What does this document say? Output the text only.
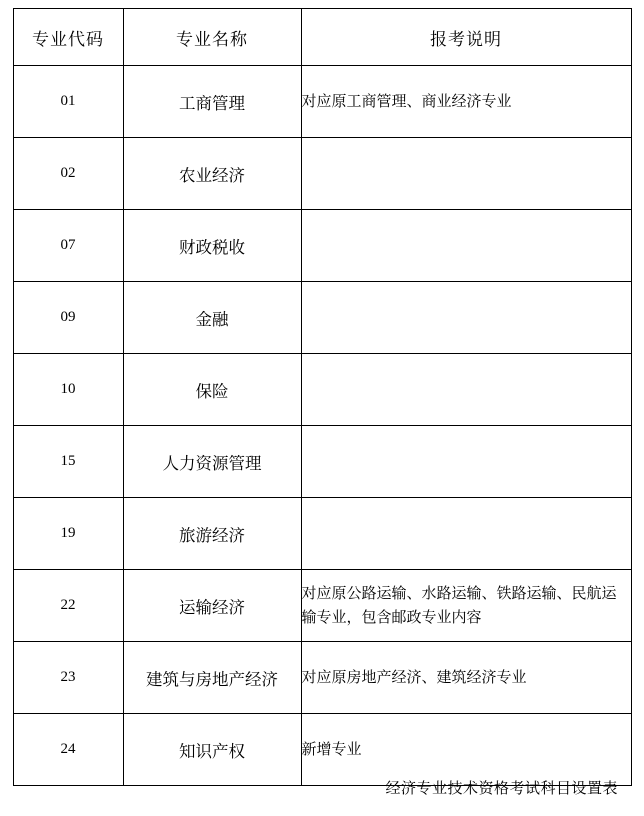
专业代码	专业名称	报考说明
01	工商管理	对应原工商管理、商业经济专业

02	农业经济	

07	财政税收	

09	金融	

10	保险	

15	人力资源管理	

19	旅游经济	

22	运输经济	对应原公路运输、水路运输、铁路运输、民航运输专业，包含邮政专业内容

23	建筑与房地产经济	对应原房地产经济、建筑经济专业

24	知识产权	新增专业
经济专业技术资格考试科目设置表
